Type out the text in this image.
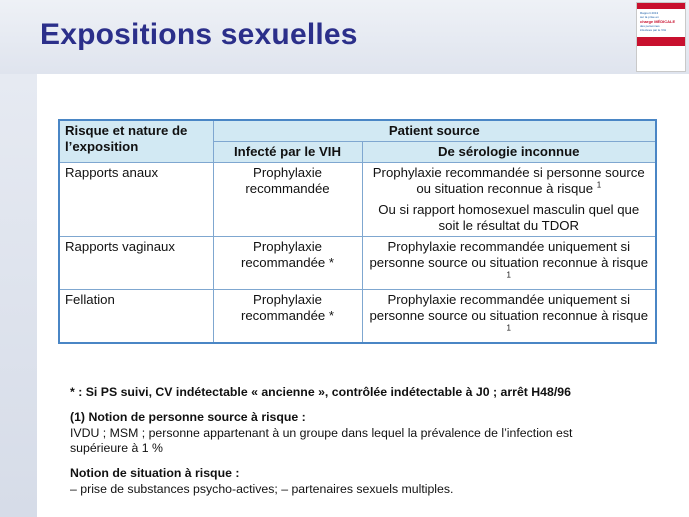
Expositions sexuelles
Rapport 2013
sur la prise en
charge MÉDICALE
des personnes
infectées par le VIH
Risque et nature de l’exposition	Patient source	
	Infecté par le VIH	De sérologie inconnue
Rapports anaux	Prophylaxie recommandée	Prophylaxie recommandée si personne source ou situation reconnue à risque $^1$
Ou si rapport homosexuel masculin quel que soit le résultat du TDOR

Rapports vaginaux	Prophylaxie recommandée *	Prophylaxie recommandée uniquement si personne source ou situation reconnue à risque $^1$
Fellation	Prophylaxie recommandée *	Prophylaxie recommandée uniquement si personne source ou situation reconnue à risque $^1$
* : Si PS suivi, CV indétectable « ancienne », contrôlée indétectable à J0 ; arrêt H48/96
(1) Notion de personne source à risque :
IVDU ; MSM ; personne appartenant à un groupe dans lequel la prévalence de l’infection est supérieure à 1 %
Notion de situation à risque :
– prise de substances psycho-actives; – partenaires sexuels multiples.
